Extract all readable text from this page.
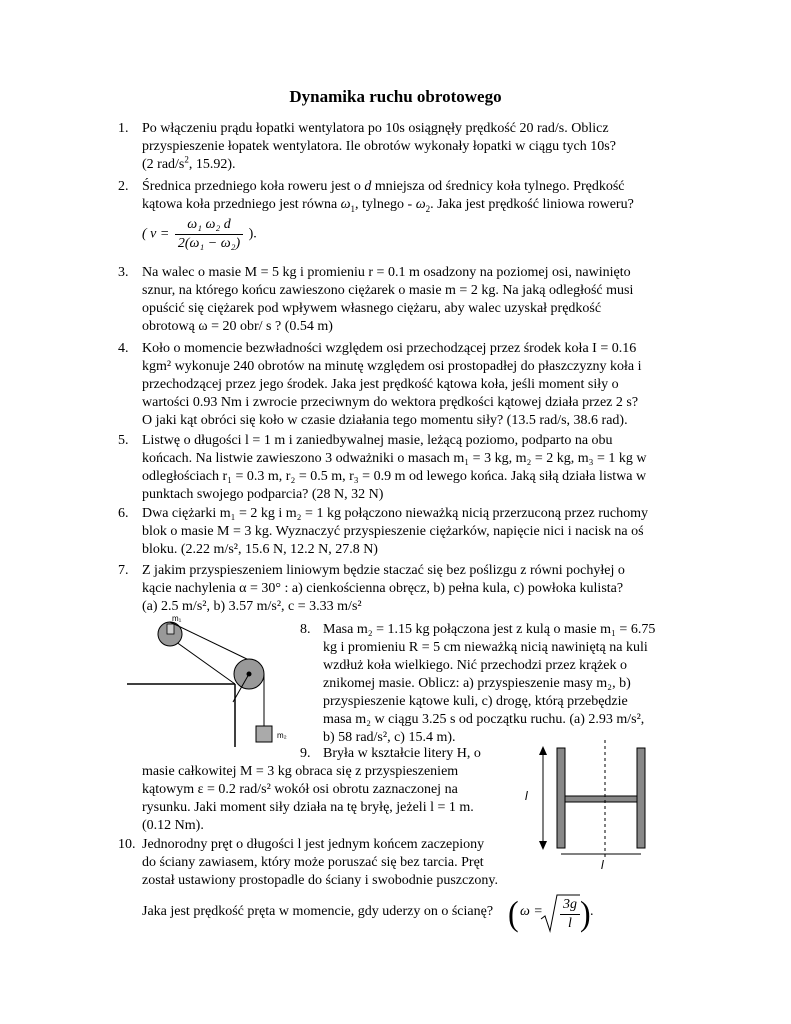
Dynamika ruchu obrotowego
1. Po włączeniu prądu łopatki wentylatora po 10s osiągnęły prędkość 20 rad/s. Oblicz

przyspieszenie łopatek wentylatora. Ile obrotów wykonały łopatki w ciągu tych 10s?

(2 rad/$s^2$, 15.92).

2. Średnica przedniego koła roweru jest o d mniejsza od średnicy koła tylnego. Prędkość

kątowa koła przedniego jest równa $\omega_1$, tylnego - $\omega_2$. Jaka jest prędkość liniowa roweru?

( $v = \frac{\text{ω₁ ω₂ d}}{\text{2(ω₁ − ω₂)}}$ ).
3. Na walec o masie M = 5 kg i promieniu r = 0.1 m osadzony na poziomej osi, nawinięto

sznur, na którego końcu zawieszono ciężarek o masie m = 2 kg. Na jaką odległość musi

opuścić się ciężarek pod wpływem własnego ciężaru, aby walec uzyskał prędkość

obrotową ω = 20 obr/ s ? (0.54 m)

4. Koło o momencie bezwładności względem osi przechodzącej przez środek koła I = 0.16

kgm² wykonuje 240 obrotów na minutę względem osi prostopadłej do płaszczyzny koła i

przechodzącej przez jego środek. Jaka jest prędkość kątowa koła, jeśli moment siły o

wartości 0.93 Nm i zwrocie przeciwnym do wektora prędkości kątowej działa przez 2 s?

O jaki kąt obróci się koło w czasie działania tego momentu siły? (13.5 rad/s, 38.6 rad).

5. Listwę o długości l = 1 m i zaniedbywalnej masie, leżącą poziomo, podparto na obu

końcach. Na listwie zawieszono 3 odważniki o masach m₁ = 3 kg, m₂ = 2 kg, m₃ = 1 kg w

odległościach r₁ = 0.3 m, r₂ = 0.5 m, r₃ = 0.9 m od lewego końca. Jaką siłą działa listwa w

punktach swojego podparcia? (28 N, 32 N)

6. Dwa ciężarki m₁ = 2 kg i m₂ = 1 kg połączono nieważką nicią przerzuconą przez ruchomy

blok o masie M = 3 kg. Wyznaczyć przyspieszenie ciężarków, napięcie nici i nacisk na oś

bloku. (2.22 m/s², 15.6 N, 12.2 N, 27.8 N)

7. Z jakim przyspieszeniem liniowym będzie staczać się bez poślizgu z równi pochyłej o

kącie nachylenia α = 30° : a) cienkościenna obręcz, b) pełna kula, c) powłoka kulista?

(a) 2.5 m/s², b) 3.57 m/s², c = 3.33 m/s²

m₁
m₂
8. Masa m₂ = 1.15 kg połączona jest z kulą o masie m₁ = 6.75

kg i promieniu R = 5 cm nieważką nicią nawiniętą na kuli

wzdłuż koła wielkiego. Nić przechodzi przez krążek o

znikomej masie. Oblicz: a) przyspieszenie masy m₂, b)

przyspieszenie kątowe kuli, c) drogę, którą przebędzie

masa m₂ w ciągu 3.25 s od początku ruchu. (a) 2.93 m/s²,

b) 58 rad/s², c) 15.4 m).

9. Bryła w kształcie litery H, o

masie całkowitej M = 3 kg obraca się z przyspieszeniem

kątowym ε = 0.2 rad/s² wokół osi obrotu zaznaczonej na

rysunku. Jaki moment siły działa na tę bryłę, jeżeli l = 1 m.

(0.12 Nm).

l
l
10. Jednorodny pręt o długości l jest jednym końcem zaczepiony

do ściany zawiasem, który może poruszać się bez tarcia. Pręt

został ustawiony prostopadle do ściany i swobodnie puszczony.

Jaka jest prędkość pręta w momencie, gdy uderzy on o ścianę? ( $\omega = \frac{3g}{l}$ ) .
